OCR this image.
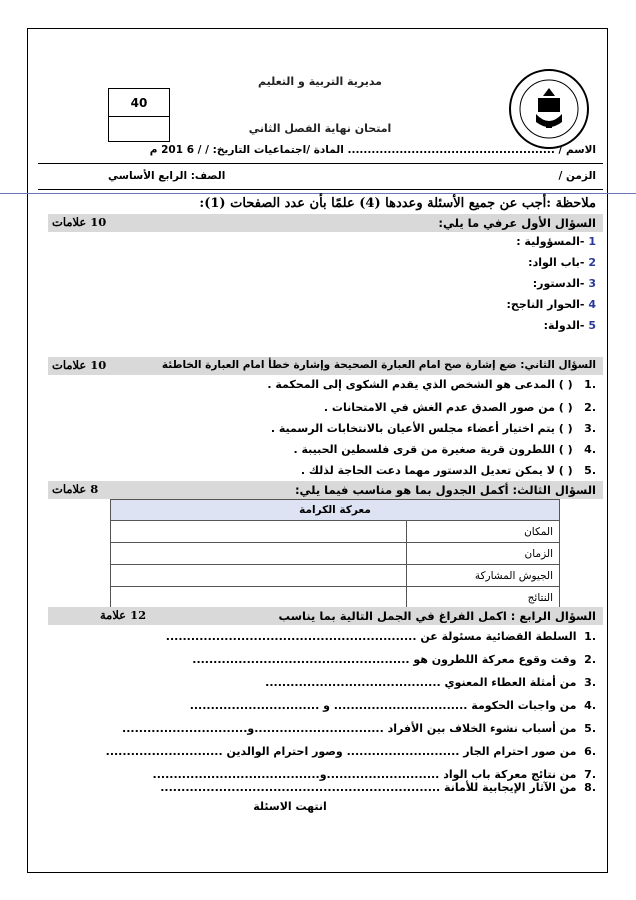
40
مديرية التربية و التعليم
امتحان نهاية الفصل الثاني
الاسم / .................................................... المادة /اجتماعيات التاريخ: / / 6 201 م
الزمن /
الصف: الرابع الأساسي
ملاحظة :أجب عن جميع الأسئلة وعددها (4) علمًا بأن عدد الصفحات (1):
السؤال الأول عرفي ما يلي:
10 علامات
1 -المسؤولية :
2 -باب الواد:
3 -الدستور:
4 -الحوار الناجح:
5 -الدولة:
السؤال الثاني: ضع إشارة صح امام العبارة الصحيحة وإشارة خطأ امام العبارة الخاطئة
10 علامات
.1   ( ) المدعى هو الشخص الذي يقدم الشكوى إلى المحكمة .
.2   ( ) من صور الصدق عدم الغش في الامتحانات .
.3   ( ) يتم اختيار أعضاء مجلس الأعيان بالانتخابات الرسمية .
.4   ( ) اللطرون قرية صغيرة من قرى فلسطين الحبيبة .
.5   ( ) لا يمكن تعديل الدستور مهما دعت الحاجة لذلك .
السؤال الثالث: أكمل الجدول بما هو مناسب فيما يلي:
8 علامات
معركة الكرامة	
المكان	
الزمان	
الجيوش المشاركة	
النتائج	
السؤال الرابع : اكمل الفراغ في الجمل التالية بما يناسب
12 علامة
.1  السلطة القضائية مسئولة عن ............................................................
.2  وقت وقوع معركة اللطرون هو ....................................................
.3  من أمثلة العطاء المعنوي ..........................................
.4  من واجبات الحكومة ................................ و ...............................
.5  من أسباب نشوء الخلاف بين الأفراد ...............................و..............................
.6  من صور احترام الجار ........................... وصور احترام الوالدين ............................
.7  من نتائج معركة باب الواد ...........................و........................................
.8  من الآثار الإيجابية للأمانة ...................................................................
انتهت الاسئلة
